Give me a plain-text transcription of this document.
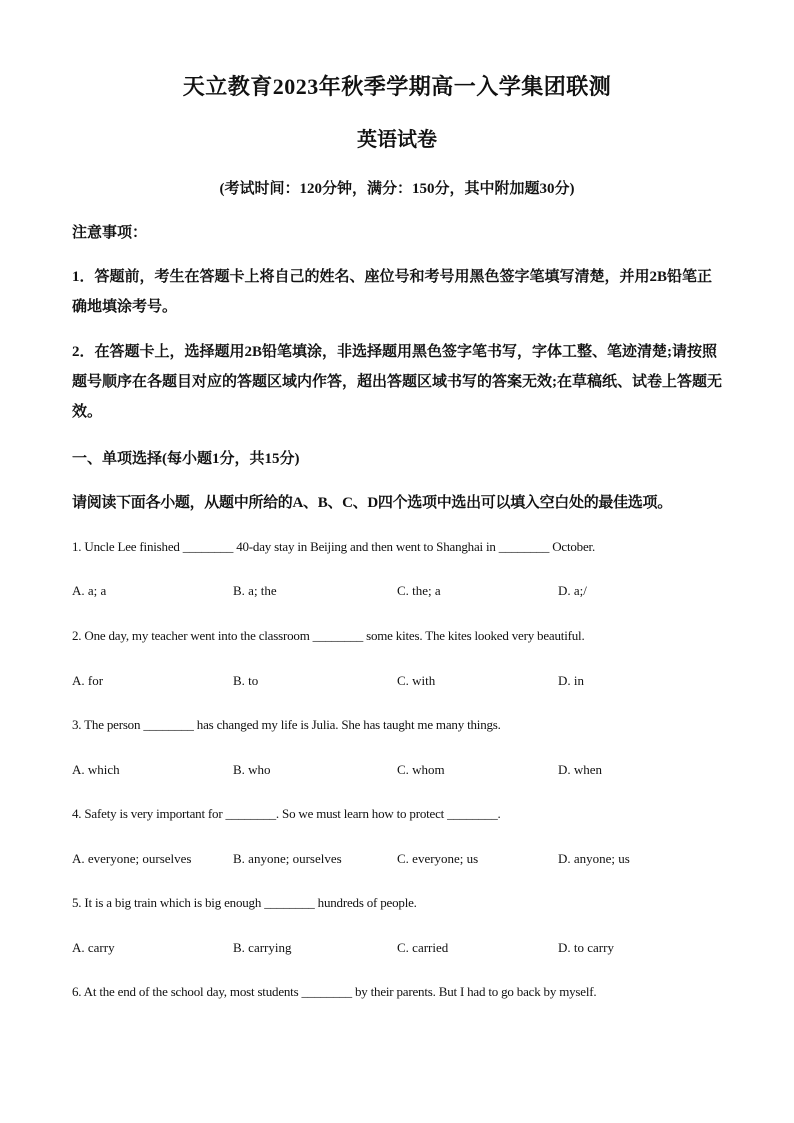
天立教育2023年秋季学期高一入学集团联测
英语试卷
(考试时间：120分钟，满分：150分，其中附加题30分)
注意事项：
1．答题前，考生在答题卡上将自己的姓名、座位号和考号用黑色签字笔填写清楚，并用2B铅笔正确地填涂考号。
2．在答题卡上，选择题用2B铅笔填涂，非选择题用黑色签字笔书写，字体工整、笔迹清楚;请按照题号顺序在各题目对应的答题区域内作答，超出答题区域书写的答案无效;在草稿纸、试卷上答题无效。
一、单项选择(每小题1分，共15分)
请阅读下面各小题，从题中所给的A、B、C、D四个选项中选出可以填入空白处的最佳选项。
1. Uncle Lee finished ________ 40-day stay in Beijing and then went to Shanghai in ________ October.
A. a; a	B. a; the	C. the; a	D. a;/
2. One day, my teacher went into the classroom ________ some kites. The kites looked very beautiful.
A. for	B. to	C. with	D. in
3. The person ________ has changed my life is Julia. She has taught me many things.
A. which	B. who	C. whom	D. when
4. Safety is very important for ________. So we must learn how to protect ________.
A. everyone; ourselves	B. anyone; ourselves	C. everyone; us	D. anyone; us
5. It is a big train which is big enough ________ hundreds of people.
A. carry	B. carrying	C. carried	D. to carry
6. At the end of the school day, most students ________ by their parents. But I had to go back by myself.
